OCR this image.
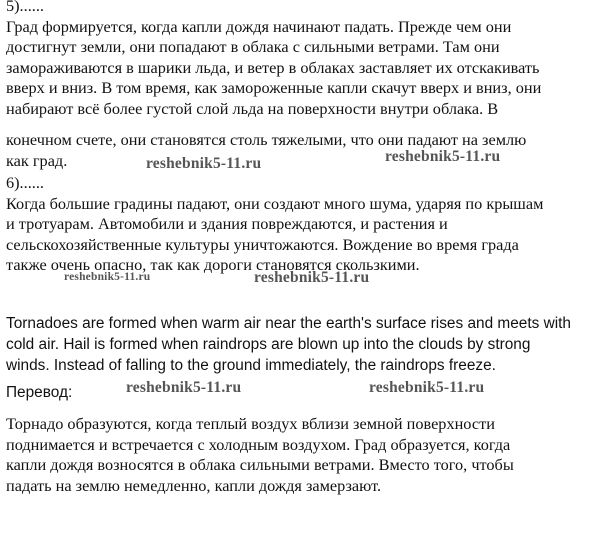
5)......
Град формируется, когда капли дождя начинают падать. Прежде чем они
достигнут земли, они попадают в облака с сильными ветрами. Там они
замораживаются в шарики льда, и ветер в облаках заставляет их отскакивать
вверх и вниз. В том время, как замороженные капли скачут вверх и вниз, они
набирают всё более густой слой льда на поверхности внутри облака. В
конечном счете, они становятся столь тяжелыми, что они падают на землю
как град.
6)......
Когда большие градины падают, они создают много шума, ударяя по крышам
и тротуарам. Автомобили и здания повреждаются, и растения и
сельскохозяйственные культуры уничтожаются. Вождение во время града
также очень опасно, так как дороги становятся скользкими.
Tornadoes are formed when warm air near the earth's surface rises and meets with
cold air. Hail is formed when raindrops are blown up into the clouds by strong
winds. Instead of falling to the ground immediately, the raindrops freeze.
Перевод:
Торнадо образуются, когда теплый воздух вблизи земной поверхности
поднимается и встречается с холодным воздухом. Град образуется, когда
капли дождя возносятся в облака сильными ветрами. Вместо того, чтобы
падать на землю немедленно, капли дождя замерзают.
reshebnik5-11.ru	reshebnik5-11.ru
reshebnik5-11.ru	reshebnik5-11.ru
reshebnik5-11.ru	reshebnik5-11.ru
